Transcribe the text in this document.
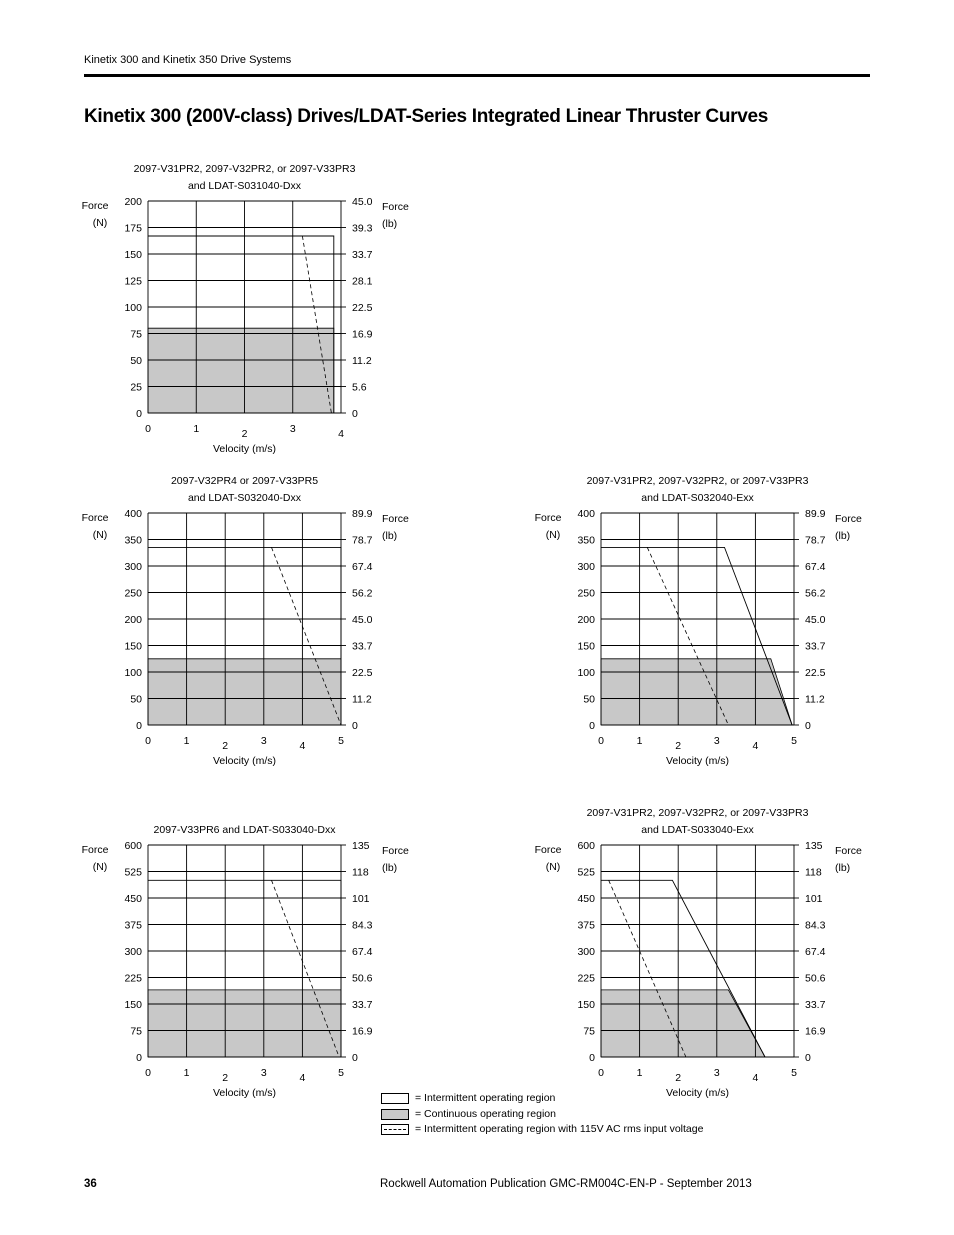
Kinetix 300 and Kinetix 350 Drive Systems
Kinetix 300 (200V-class) Drives/LDAT-Series Integrated Linear Thruster Curves
2097-V31PR2, 2097-V32PR2, or 2097-V33PR3
and LDAT-S031040-Dxx
0	0
25	5.6
50	11.2
75	16.9
100	22.5
125	28.1
150	33.7
175	39.3
200	45.0
0	1	2	3	4
Velocity (m/s)
Force
(N)
Force
(lb)
2097-V32PR4 or 2097-V33PR5
and LDAT-S032040-Dxx
0	0
50	11.2
100	22.5
150	33.7
200	45.0
250	56.2
300	67.4
350	78.7
400	89.9
0	1	2	3	4	5
Velocity (m/s)
Force
(N)
Force
(lb)
2097-V31PR2, 2097-V32PR2, or 2097-V33PR3
and LDAT-S032040-Exx
0	0
50	11.2
100	22.5
150	33.7
200	45.0
250	56.2
300	67.4
350	78.7
400	89.9
0	1	2	3	4	5
Velocity (m/s)
Force
(N)
Force
(lb)
2097-V33PR6 and LDAT-S033040-Dxx
0	0
75	16.9
150	33.7
225	50.6
300	67.4
375	84.3
450	101
525	118
600	135
0	1	2	3	4	5
Velocity (m/s)
Force
(N)
Force
(lb)
2097-V31PR2, 2097-V32PR2, or 2097-V33PR3
and LDAT-S033040-Exx
0	0
75	16.9
150	33.7
225	50.6
300	67.4
375	84.3
450	101
525	118
600	135
0	1	2	3	4	5
Velocity (m/s)
Force
(N)
Force
(lb)
= Intermittent operating region
= Continuous operating region
= Intermittent operating region with 115V AC rms input voltage
36	Rockwell Automation Publication GMC-RM004C-EN-P - September 2013
